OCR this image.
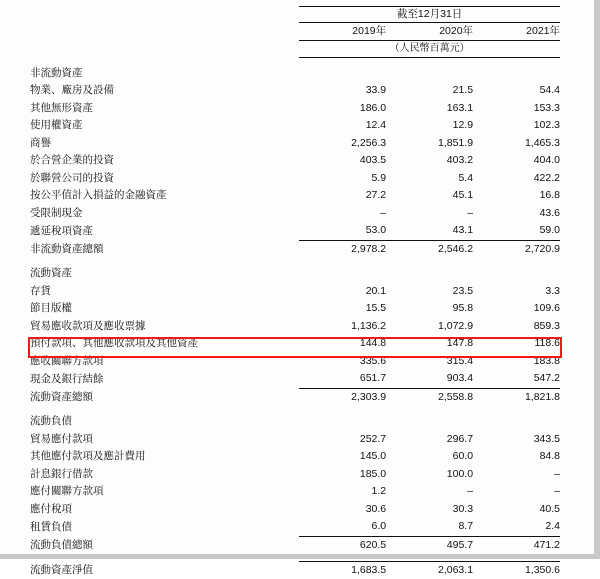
	截至12月31日		
	2019年	2020年	2021年
	（人民幣百萬元）		

非流動資產			
物業、廠房及設備	33.9	21.5	54.4
其他無形資產	186.0	163.1	153.3
使用權資產	12.4	12.9	102.3
商譽	2,256.3	1,851.9	1,465.3
於合營企業的投資	403.5	403.2	404.0
於聯營公司的投資	5.9	5.4	422.2
按公平值計入損益的金融資產	27.2	45.1	16.8
受限制現金	–	–	43.6
遞延稅項資產	53.0	43.1	59.0
非流動資產總額	2,978.2	2,546.2	2,720.9

流動資產			
存貨	20.1	23.5	3.3
節目版權	15.5	95.8	109.6
貿易應收款項及應收票據	1,136.2	1,072.9	859.3
預付款項、其他應收款項及其他資產	144.8	147.8	118.6
應收關聯方款項	335.6	315.4	183.8
現金及銀行結餘	651.7	903.4	547.2
流動資產總額	2,303.9	2,558.8	1,821.8

流動負債			
貿易應付款項	252.7	296.7	343.5
其他應付款項及應計費用	145.0	60.0	84.8
計息銀行借款	185.0	100.0	–
應付關聯方款項	1.2	–	–
應付稅項	30.6	30.3	40.5
租賃負債	6.0	8.7	2.4
流動負債總額	620.5	495.7	471.2

流動資產淨值	1,683.5	2,063.1	1,350.6
